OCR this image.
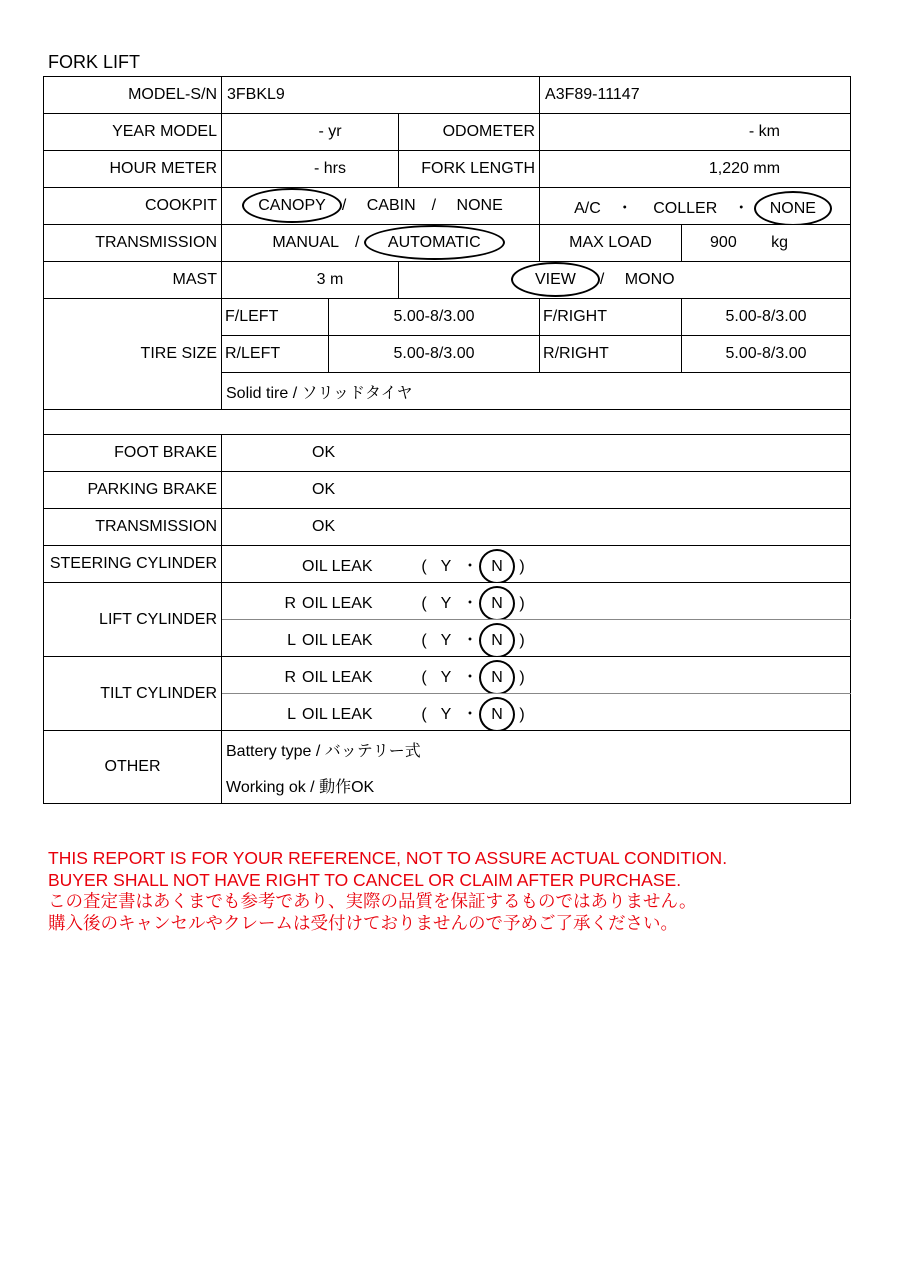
FORK LIFT
MODEL-S/N	3FBKL9			A3F89-11147	
YEAR MODEL	- yr		ODOMETER	- km	
HOUR METER	- hrs		FORK LENGTH	1,220 mm	
COOKPIT	CANOPY / CABIN / NONE			A/C ・ COLLER ・ NONE	
TRANSMISSION	MANUAL / AUTOMATIC			MAX LOAD	900 kg
MAST	3 m		VIEW / MONO		
TIRE SIZE	F/LEFT	5.00-8/3.00		F/RIGHT	5.00-8/3.00
	R/LEFT	5.00-8/3.00		R/RIGHT	5.00-8/3.00
	Solid tire / ソリッドタイヤ				

FOOT BRAKE	OK				
PARKING BRAKE	OK				
TRANSMISSION	OK				
STEERING CYLINDER	OIL LEAK ( Y ・ N )				
LIFT CYLINDER	R OIL LEAK ( Y ・ N )				
	L OIL LEAK ( Y ・ N )				
TILT CYLINDER	R OIL LEAK ( Y ・ N )				
	L OIL LEAK ( Y ・ N )				
OTHER	Battery type / バッテリー式				
	Working ok / 動作OK				
THIS REPORT IS FOR YOUR REFERENCE, NOT TO ASSURE ACTUAL CONDITION.
BUYER SHALL NOT HAVE RIGHT TO CANCEL OR CLAIM AFTER PURCHASE.
この査定書はあくまでも参考であり、実際の品質を保証するものではありません。
購入後のキャンセルやクレームは受付けておりませんので予めご了承ください。
